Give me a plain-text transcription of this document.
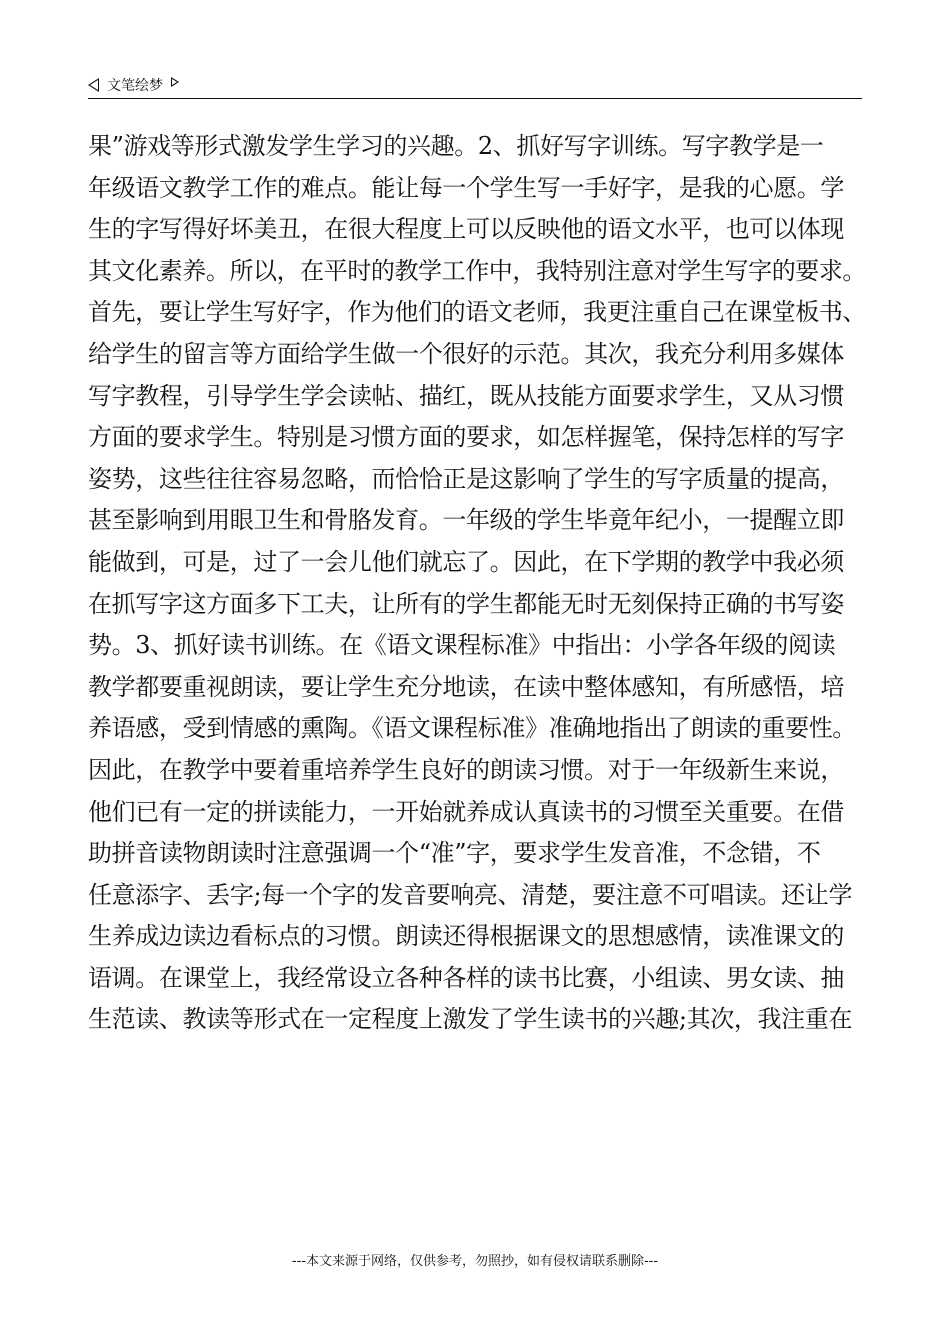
文笔绘梦
果”游戏等形式激发学生学习的兴趣。2、抓好写字训练。写字教学是一
年级语文教学工作的难点。能让每一个学生写一手好字，是我的心愿。学
生的字写得好坏美丑，在很大程度上可以反映他的语文水平，也可以体现
其文化素养。所以，在平时的教学工作中，我特别注意对学生写字的要求。
首先，要让学生写好字，作为他们的语文老师，我更注重自己在课堂板书、
给学生的留言等方面给学生做一个很好的示范。其次，我充分利用多媒体
写字教程，引导学生学会读帖、描红，既从技能方面要求学生，又从习惯
方面的要求学生。特别是习惯方面的要求，如怎样握笔，保持怎样的写字
姿势，这些往往容易忽略，而恰恰正是这影响了学生的写字质量的提高，
甚至影响到用眼卫生和骨胳发育。一年级的学生毕竟年纪小，一提醒立即
能做到，可是，过了一会儿他们就忘了。因此，在下学期的教学中我必须
在抓写字这方面多下工夫，让所有的学生都能无时无刻保持正确的书写姿
势。3、抓好读书训练。在《语文课程标准》中指出：小学各年级的阅读
教学都要重视朗读，要让学生充分地读，在读中整体感知，有所感悟，培
养语感，受到情感的熏陶。《语文课程标准》准确地指出了朗读的重要性。
因此，在教学中要着重培养学生良好的朗读习惯。对于一年级新生来说，
他们已有一定的拼读能力，一开始就养成认真读书的习惯至关重要。在借
助拼音读物朗读时注意强调一个“准”字，要求学生发音准，不念错，不
任意添字、丢字;每一个字的发音要响亮、清楚，要注意不可唱读。还让学
生养成边读边看标点的习惯。朗读还得根据课文的思想感情，读准课文的
语调。在课堂上，我经常设立各种各样的读书比赛，小组读、男女读、抽
生范读、教读等形式在一定程度上激发了学生读书的兴趣;其次，我注重在
---本文来源于网络，仅供参考，勿照抄，如有侵权请联系删除---
